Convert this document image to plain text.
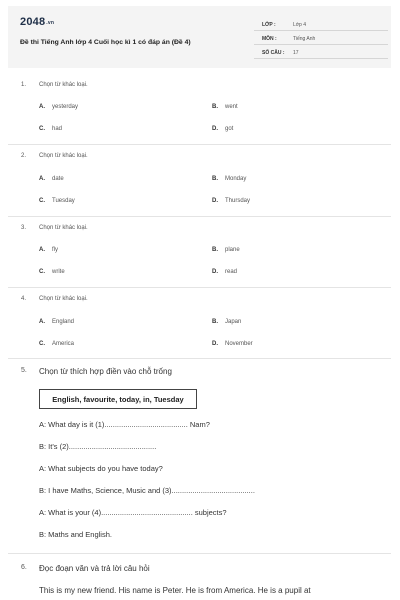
2048.vn
Đề thi Tiếng Anh lớp 4 Cuối học kì 1 có đáp án (Đề 4)
LỚP :	Lớp 4
MÔN :	Tiếng Anh
SỐ CÂU : 17
1. Chọn từ khác loại.
A. yesterday	B. went
C. had	D. got
2. Chọn từ khác loại.
A. date	B. Monday
C. Tuesday	D. Thursday
3. Chọn từ khác loại.
A. fly	B. plane
C. write	D. read
4. Chọn từ khác loại.
A. England	B. Japan
C. America	D. November
5. Chọn từ thích hợp điền vào chỗ trống
English, favourite, today, in, Tuesday
A: What day is it (1)........................................ Nam?
B: It's (2)..........................................
A: What subjects do you have today?
B: I have Maths, Science, Music and (3)........................................
A: What is your (4)............................................ subjects?
B: Maths and English.
6. Đọc đoạn văn và trả lời câu hỏi
This is my new friend. His name is Peter. He is from America. He is a pupil at
